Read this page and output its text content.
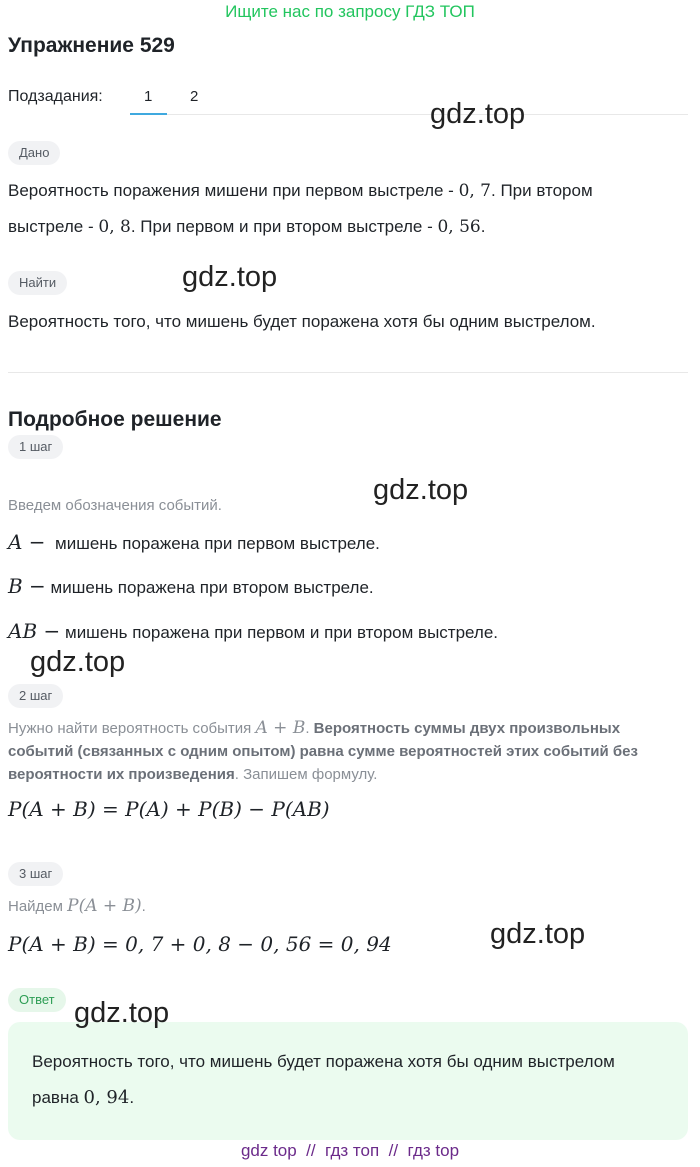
Ищите нас по запросу ГДЗ ТОП
Упражнение 529
Подзадания:	1	2
gdz.top
Дано
Вероятность поражения мишени при первом выстреле - 0, 7. При втором
выстреле - 0, 8. При первом и при втором выстреле - 0, 56.
Найти	gdz.top
Вероятность того, что мишень будет поражена хотя бы одним выстрелом.
Подробное решение
1 шаг
gdz.top
Введем обозначения событий.
A − мишень поражена при первом выстреле.
B − мишень поражена при втором выстреле.
AB − мишень поражена при первом и при втором выстреле.
gdz.top
2 шаг
Нужно найти вероятность события A + B. Вероятность суммы двух произвольных
событий (связанных с одним опытом) равна сумме вероятностей этих событий без
вероятности их произведения. Запишем формулу.
P(A + B) = P(A) + P(B) − P(AB)
3 шаг
Найдем P(A + B).
P(A + B) = 0, 7 + 0, 8 − 0, 56 = 0, 94	gdz.top
Ответ gdz.top
Вероятность того, что мишень будет поражена хотя бы одним выстрелом
равна 0, 94.
gdz top  //  гдз топ  //  гдз top
